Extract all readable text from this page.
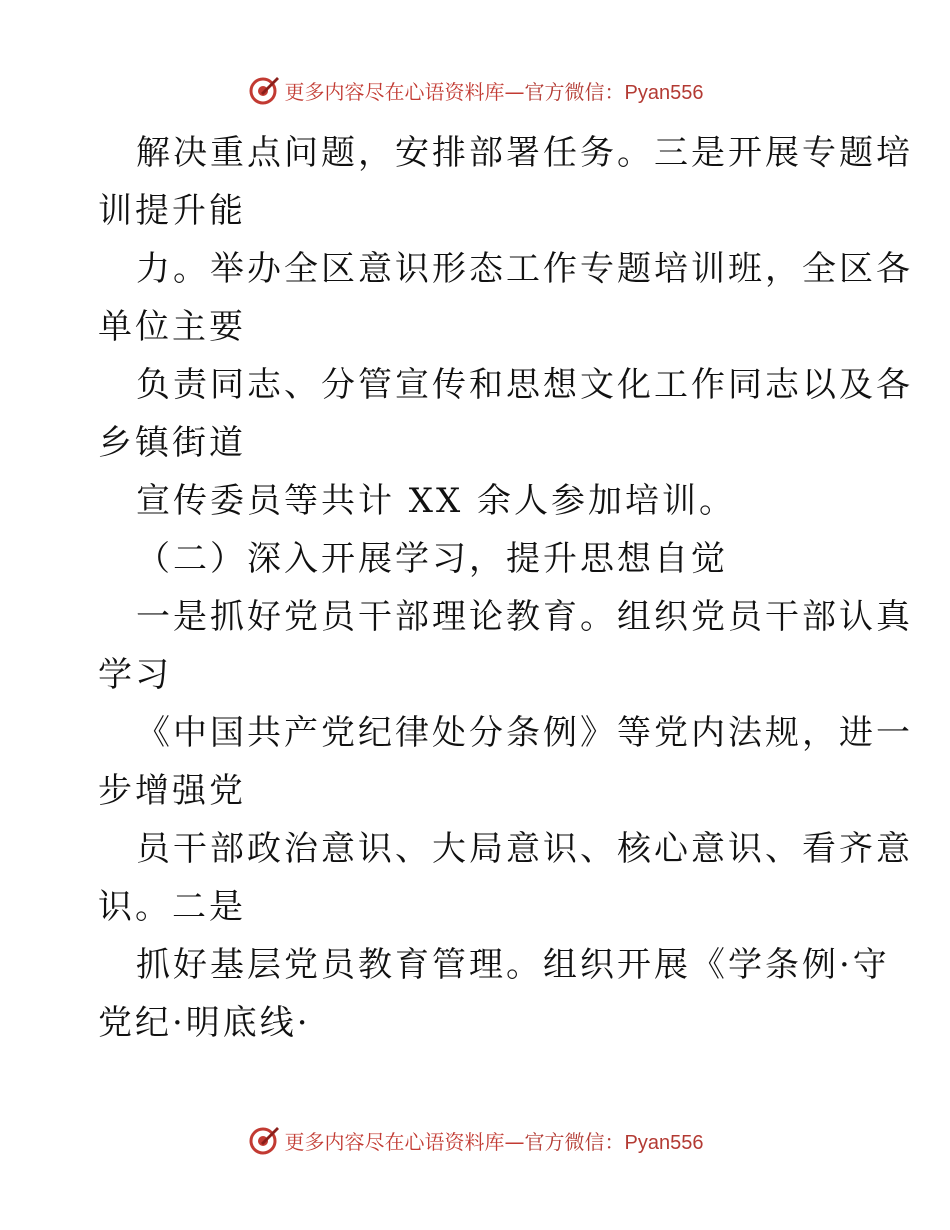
更多内容尽在心语资料库—官方微信：Pyan556
解决重点问题，安排部署任务。三是开展专题培
训提升能
力。举办全区意识形态工作专题培训班，全区各
单位主要
负责同志、分管宣传和思想文化工作同志以及各
乡镇街道
宣传委员等共计 XX 余人参加培训。
（二）深入开展学习，提升思想自觉
一是抓好党员干部理论教育。组织党员干部认真
学习
《中国共产党纪律处分条例》等党内法规，进一
步增强党
员干部政治意识、大局意识、核心意识、看齐意
识。二是
抓好基层党员教育管理。组织开展《学条例·守
党纪·明底线·
更多内容尽在心语资料库—官方微信：Pyan556
